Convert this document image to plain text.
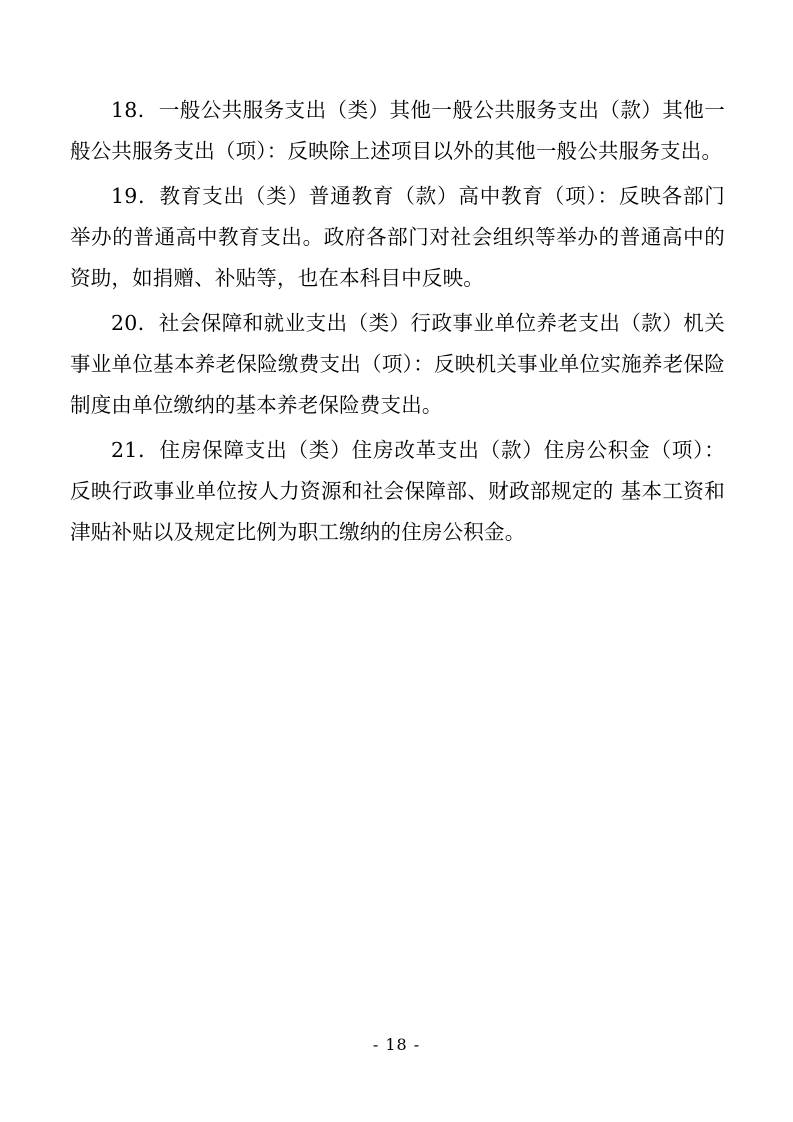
18．一般公共服务支出（类）其他一般公共服务支出（款）其他一般公共服务支出（项）：反映除上述项目以外的其他一般公共服务支出。

19．教育支出（类）普通教育（款）高中教育（项）：反映各部门举办的普通高中教育支出。政府各部门对社会组织等举办的普通高中的资助，如捐赠、补贴等，也在本科目中反映。

20．社会保障和就业支出（类）行政事业单位养老支出（款）机关事业单位基本养老保险缴费支出（项）：反映机关事业单位实施养老保险制度由单位缴纳的基本养老保险费支出。

21．住房保障支出（类）住房改革支出（款）住房公积金（项）：反映行政事业单位按人力资源和社会保障部、财政部规定的 基本工资和津贴补贴以及规定比例为职工缴纳的住房公积金。

- 18 -
